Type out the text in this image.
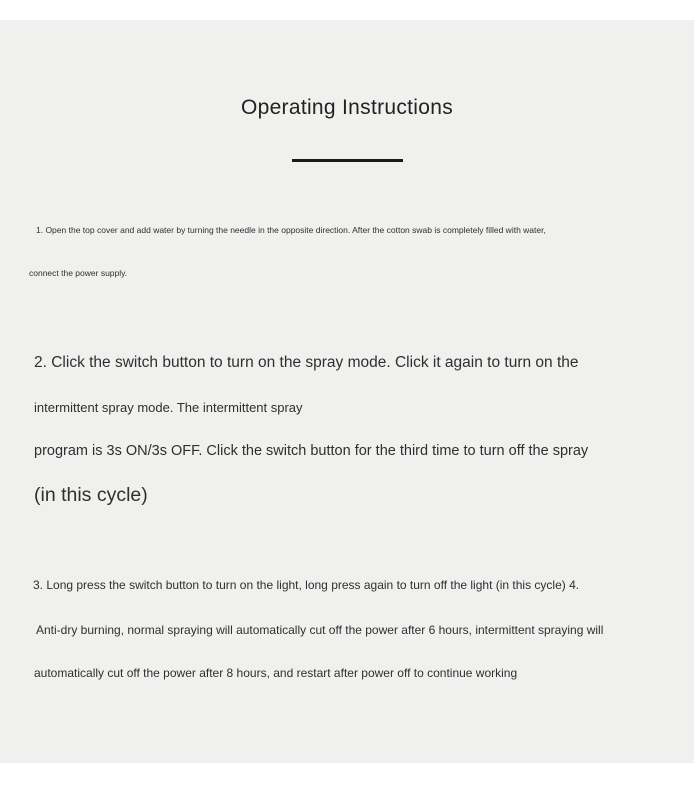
Operating Instructions
1. Open the top cover and add water by turning the needle in the opposite direction. After the cotton swab is completely filled with water,
connect the power supply.
2. Click the switch button to turn on the spray mode. Click it again to turn on the
intermittent spray mode. The intermittent spray
program is 3s ON/3s OFF. Click the switch button for the third time to turn off the spray
(in this cycle)
3. Long press the switch button to turn on the light, long press again to turn off the light (in this cycle) 4.
Anti-dry burning, normal spraying will automatically cut off the power after 6 hours, intermittent spraying will
automatically cut off the power after 8 hours, and restart after power off to continue working
